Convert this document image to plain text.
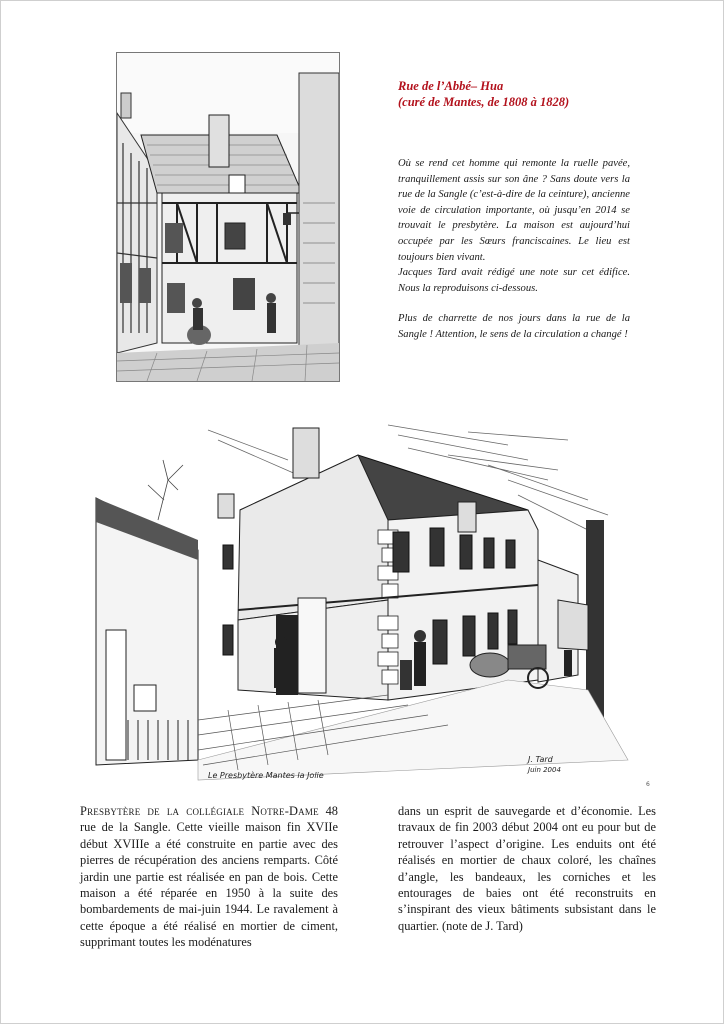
Rue de l’Abbé– Hua
(curé de Mantes, de 1808 à 1828)

Où se rend cet homme qui remonte la ruelle pavée, tranquillement assis sur son âne ? Sans doute vers la rue de la Sangle (c’est-à-dire de la ceinture), ancienne voie de circulation importante, où jusqu’en 2014 se trouvait le presbytère. La maison est aujourd’hui occupée par les Sœurs franciscaines. Le lieu est toujours bien vivant.

Jacques Tard avait rédigé une note sur cet édifice. Nous la reproduisons ci-dessous.

Plus de charrette de nos jours dans la rue de la Sangle ! Attention, le sens de la circulation a changé !

Le Presbytère Mantes la Jolie
J. Tard
Juin 2004
6

Presbytère de la collégiale Notre-Dame 48 rue de la Sangle. Cette vieille maison fin XVIIe début XVIIIe a été construite en partie avec des pierres de récupération des anciens remparts. Côté jardin une partie est réalisée en pan de bois. Cette maison a été réparée en 1950 à la suite des bombardements de mai-juin 1944. Le ravalement à cette époque a été réalisé en mortier de ciment, supprimant toutes les modénatures

dans un esprit de sauvegarde et d’économie. Les travaux de fin 2003 début 2004 ont eu pour but de retrouver l’aspect d’origine. Les enduits ont été réalisés en mortier de chaux coloré, les chaînes d’angle, les bandeaux, les corniches et les entourages de baies ont été reconstruits en s’inspirant des vieux bâtiments subsistant dans le quartier. (note de J. Tard)
